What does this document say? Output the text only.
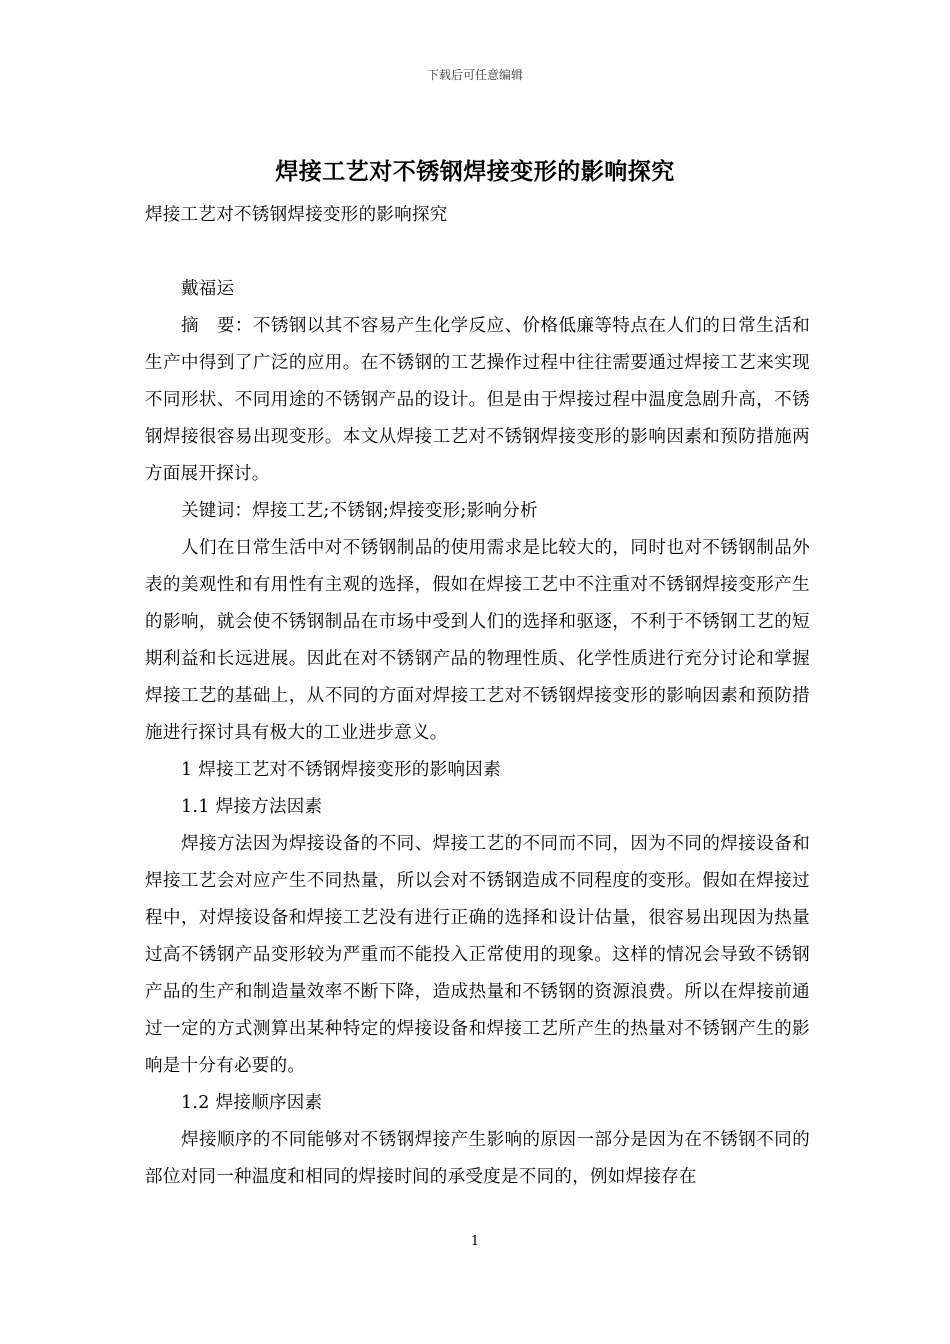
下载后可任意编辑
焊接工艺对不锈钢焊接变形的影响探究

焊接工艺对不锈钢焊接变形的影响探究

戴福运

摘　要：不锈钢以其不容易产生化学反应、价格低廉等特点在人们的日常生活和生产中得到了广泛的应用。在不锈钢的工艺操作过程中往往需要通过焊接工艺来实现不同形状、不同用途的不锈钢产品的设计。但是由于焊接过程中温度急剧升高，不锈钢焊接很容易出现变形。本文从焊接工艺对不锈钢焊接变形的影响因素和预防措施两方面展开探讨。

关键词：焊接工艺;不锈钢;焊接变形;影响分析

人们在日常生活中对不锈钢制品的使用需求是比较大的，同时也对不锈钢制品外表的美观性和有用性有主观的选择，假如在焊接工艺中不注重对不锈钢焊接变形产生的影响，就会使不锈钢制品在市场中受到人们的选择和驱逐，不利于不锈钢工艺的短期利益和长远进展。因此在对不锈钢产品的物理性质、化学性质进行充分讨论和掌握焊接工艺的基础上，从不同的方面对焊接工艺对不锈钢焊接变形的影响因素和预防措施进行探讨具有极大的工业进步意义。

1 焊接工艺对不锈钢焊接变形的影响因素

1.1 焊接方法因素

焊接方法因为焊接设备的不同、焊接工艺的不同而不同，因为不同的焊接设备和焊接工艺会对应产生不同热量，所以会对不锈钢造成不同程度的变形。假如在焊接过程中，对焊接设备和焊接工艺没有进行正确的选择和设计估量，很容易出现因为热量过高不锈钢产品变形较为严重而不能投入正常使用的现象。这样的情况会导致不锈钢产品的生产和制造量效率不断下降，造成热量和不锈钢的资源浪费。所以在焊接前通过一定的方式测算出某种特定的焊接设备和焊接工艺所产生的热量对不锈钢产生的影响是十分有必要的。

1.2 焊接顺序因素

焊接顺序的不同能够对不锈钢焊接产生影响的原因一部分是因为在不锈钢不同的部位对同一种温度和相同的焊接时间的承受度是不同的，例如焊接存在

1
